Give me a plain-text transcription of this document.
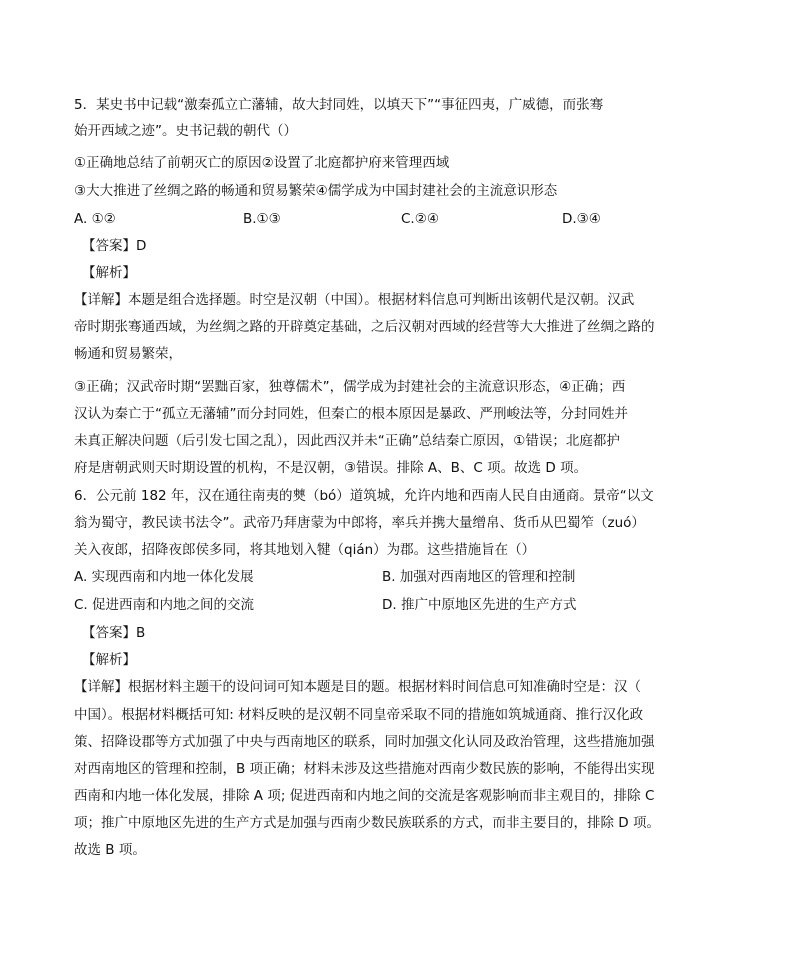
5．某史书中记载“激秦孤立亡藩辅，故大封同姓，以填天下”“事征四夷，广威德，而张骞
始开西域之迹”。史书记载的朝代（）
①正确地总结了前朝灭亡的原因②设置了北庭都护府来管理西域
③大大推进了丝绸之路的畅通和贸易繁荣④儒学成为中国封建社会的主流意识形态
A. ①②	B.①③	C.②④	D.③④
【答案】D
【解析】
【详解】本题是组合选择题。时空是汉朝（中国）。根据材料信息可判断出该朝代是汉朝。汉武
帝时期张骞通西域，为丝绸之路的开辟奠定基础，之后汉朝对西域的经营等大大推进了丝绸之路的
畅通和贸易繁荣，
③正确；汉武帝时期“罢黜百家，独尊儒术”，儒学成为封建社会的主流意识形态，④正确；西
汉认为秦亡于“孤立无藩辅”而分封同姓，但秦亡的根本原因是暴政、严刑峻法等，分封同姓并
未真正解决问题（后引发七国之乱），因此西汉并未“正确”总结秦亡原因，①错误；北庭都护
府是唐朝武则天时期设置的机构，不是汉朝，③错误。排除 A、B、C 项。故选 D 项。
6．公元前 182 年，汉在通往南夷的僰（bó）道筑城，允许内地和西南人民自由通商。景帝“以文
翁为蜀守，教民读书法令”。武帝乃拜唐蒙为中郎将，率兵并携大量缯帛、货币从巴蜀笮（zuó）
关入夜郎，招降夜郎侯多同，将其地划入犍（qián）为郡。这些措施旨在（）
A. 实现西南和内地一体化发展	B. 加强对西南地区的管理和控制
C. 促进西南和内地之间的交流	D. 推广中原地区先进的生产方式
【答案】B
【解析】
【详解】根据材料主题干的设问词可知本题是目的题。根据材料时间信息可知准确时空是：汉（
中国）。根据材料概括可知: 材料反映的是汉朝不同皇帝采取不同的措施如筑城通商、推行汉化政
策、招降设郡等方式加强了中央与西南地区的联系，同时加强文化认同及政治管理，这些措施加强
对西南地区的管理和控制，B 项正确；材料未涉及这些措施对西南少数民族的影响，不能得出实现
西南和内地一体化发展，排除 A 项; 促进西南和内地之间的交流是客观影响而非主观目的，排除 C
项；推广中原地区先进的生产方式是加强与西南少数民族联系的方式，而非主要目的，排除 D 项。
故选 B 项。
